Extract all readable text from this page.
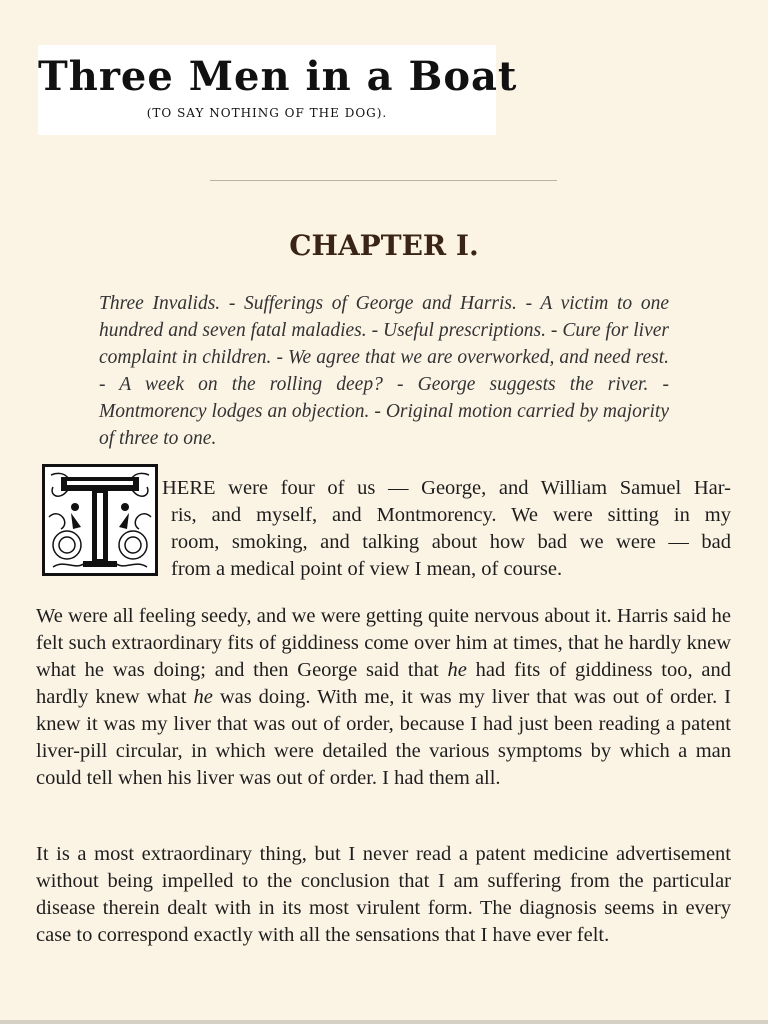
Three Men in a Boat
(TO SAY NOTHING OF THE DOG).
CHAPTER I.

Three Invalids. - Sufferings of George and Harris. - A victim to one hundred and seven fatal maladies. - Useful prescriptions. - Cure for liver complaint in children. - We agree that we are overworked, and need rest. - A week on the rolling deep? - George suggests the river. - Montmorency lodges an objection. - Original motion carried by majority of three to one.

HERE were four of us — George, and William Samuel Har-

ris, and myself, and Montmorency. We were sitting in my

room, smoking, and talking about how bad we were — bad

from a medical point of view I mean, of course.

We were all feeling seedy, and we were getting quite nervous about it. Harris said he felt such extraordinary fits of giddiness come over him at times, that he hardly knew what he was doing; and then George said that he had fits of giddiness too, and hardly knew what he was doing. With me, it was my liver that was out of order. I knew it was my liver that was out of order, because I had just been reading a patent liver-pill circular, in which were detailed the various symptoms by which a man could tell when his liver was out of order. I had them all.

It is a most extraordinary thing, but I never read a patent medicine advertisement without being impelled to the conclusion that I am suffering from the particular disease therein dealt with in its most virulent form. The diagnosis seems in every case to correspond exactly with all the sensations that I have ever felt.
